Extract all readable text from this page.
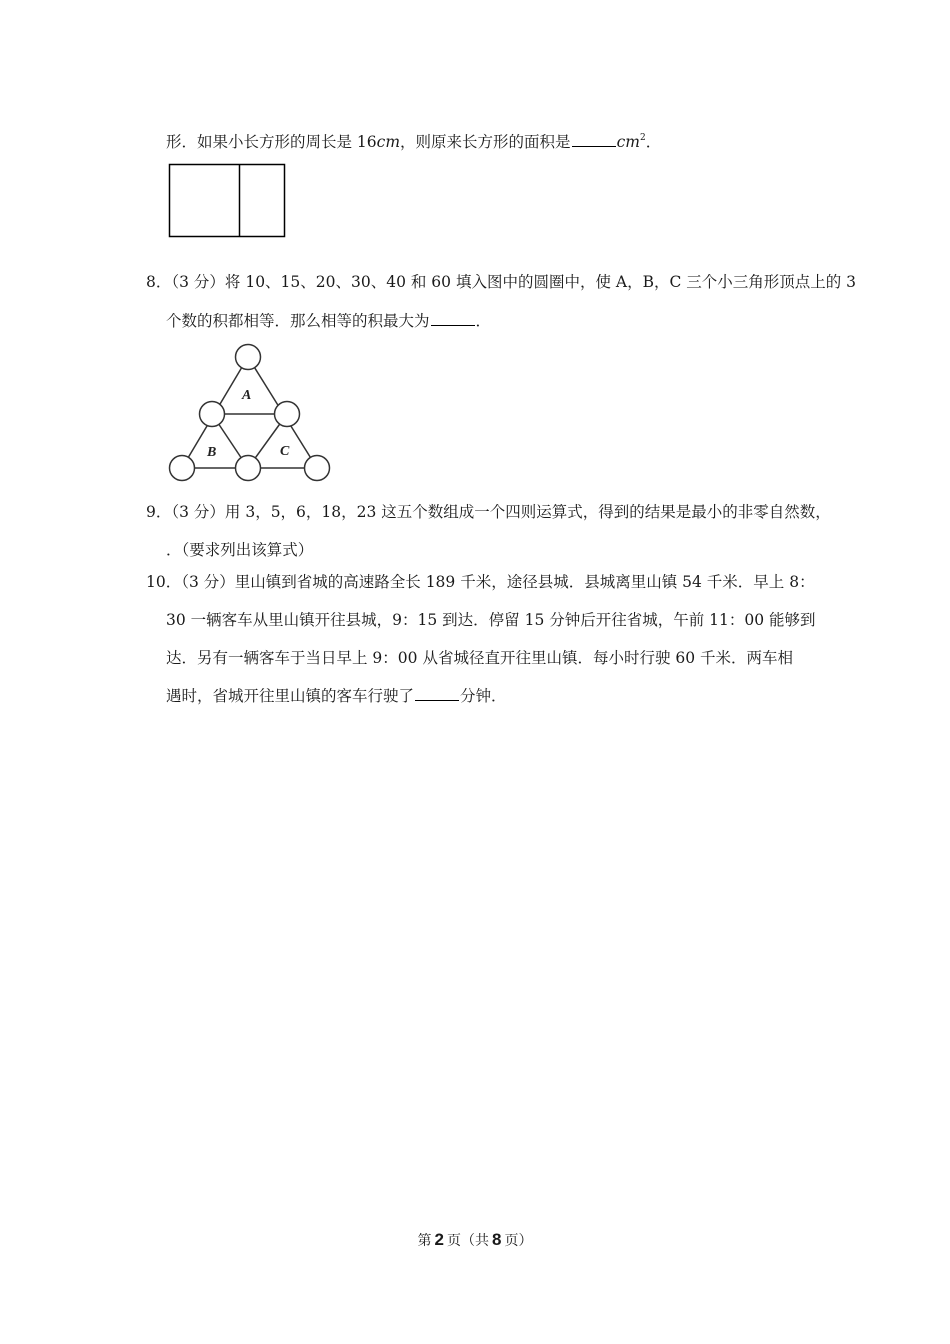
形．如果小长方形的周长是 16cm，则原来长方形的面积是	$cm^2$．
8．（3 分）将 10、15、20、30、40 和 60 填入图中的圆圈中，使 A，B，C 三个小三角形顶点上的 3
个数的积都相等．那么相等的积最大为	．
A
B	C
9．（3 分）用 3，5，6，18，23 这五个数组成一个四则运算式，得到的结果是最小的非零自然数，
．（要求列出该算式）
10．（3 分）里山镇到省城的高速路全长 189 千米，途径县城．县城离里山镇 54 千米．早上 8：
30 一辆客车从里山镇开往县城，9：15 到达．停留 15 分钟后开往省城，午前 11：00 能够到
达．另有一辆客车于当日早上 9：00 从省城径直开往里山镇．每小时行驶 60 千米．两车相
遇时，省城开往里山镇的客车行驶了	分钟．
第 2 页（共 8 页）
